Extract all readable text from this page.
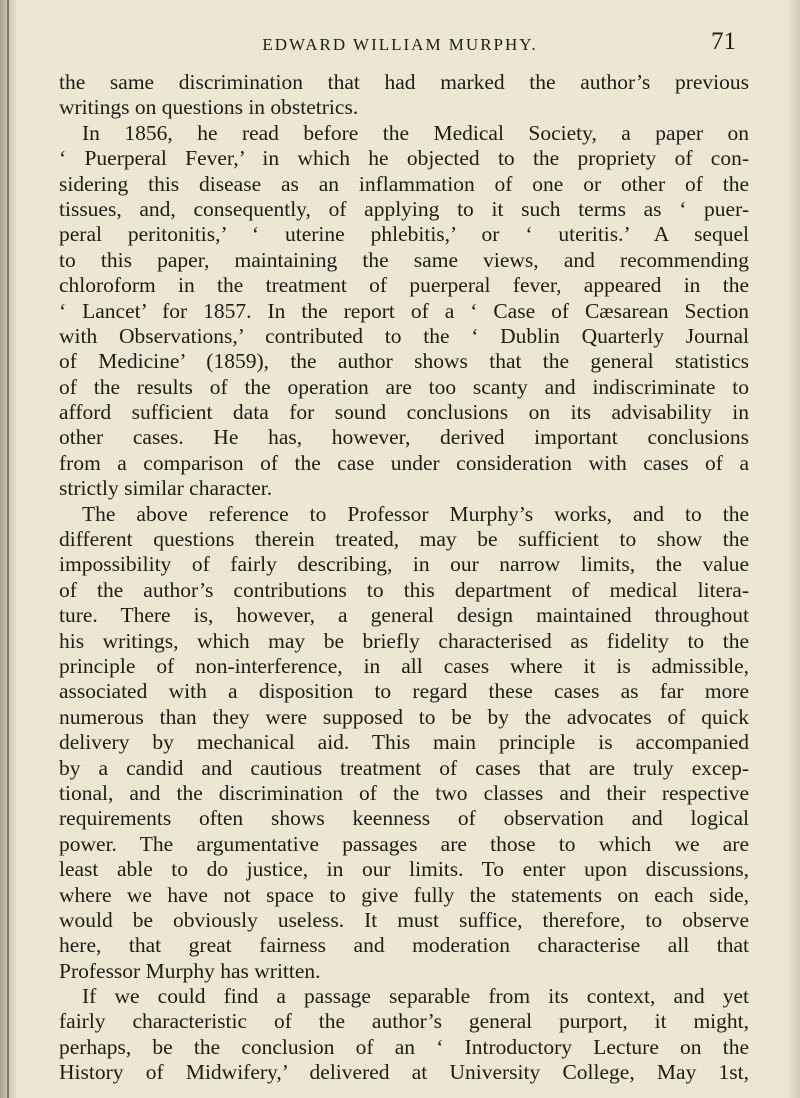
EDWARD WILLIAM MURPHY.	71
the same discrimination that had marked the author’s previous
writings on questions in obstetrics.
In 1856, he read before the Medical Society, a paper on
‘ Puerperal Fever,’ in which he objected to the propriety of con-
sidering this disease as an inflammation of one or other of the
tissues, and, consequently, of applying to it such terms as ‘ puer-
peral peritonitis,’ ‘ uterine phlebitis,’ or ‘ uteritis.’ A sequel
to this paper, maintaining the same views, and recommending
chloroform in the treatment of puerperal fever, appeared in the
‘ Lancet’ for 1857. In the report of a ‘ Case of Cæsarean Section
with Observations,’ contributed to the ‘ Dublin Quarterly Journal
of Medicine’ (1859), the author shows that the general statistics
of the results of the operation are too scanty and indiscriminate to
afford sufficient data for sound conclusions on its advisability in
other cases. He has, however, derived important conclusions
from a comparison of the case under consideration with cases of a
strictly similar character.
The above reference to Professor Murphy’s works, and to the
different questions therein treated, may be sufficient to show the
impossibility of fairly describing, in our narrow limits, the value
of the author’s contributions to this department of medical litera-
ture. There is, however, a general design maintained throughout
his writings, which may be briefly characterised as fidelity to the
principle of non-interference, in all cases where it is admissible,
associated with a disposition to regard these cases as far more
numerous than they were supposed to be by the advocates of quick
delivery by mechanical aid. This main principle is accompanied
by a candid and cautious treatment of cases that are truly excep-
tional, and the discrimination of the two classes and their respective
requirements often shows keenness of observation and logical
power. The argumentative passages are those to which we are
least able to do justice, in our limits. To enter upon discussions,
where we have not space to give fully the statements on each side,
would be obviously useless. It must suffice, therefore, to observe
here, that great fairness and moderation characterise all that
Professor Murphy has written.
If we could find a passage separable from its context, and yet
fairly characteristic of the author’s general purport, it might,
perhaps, be the conclusion of an ‘ Introductory Lecture on the
History of Midwifery,’ delivered at University College, May 1st,
